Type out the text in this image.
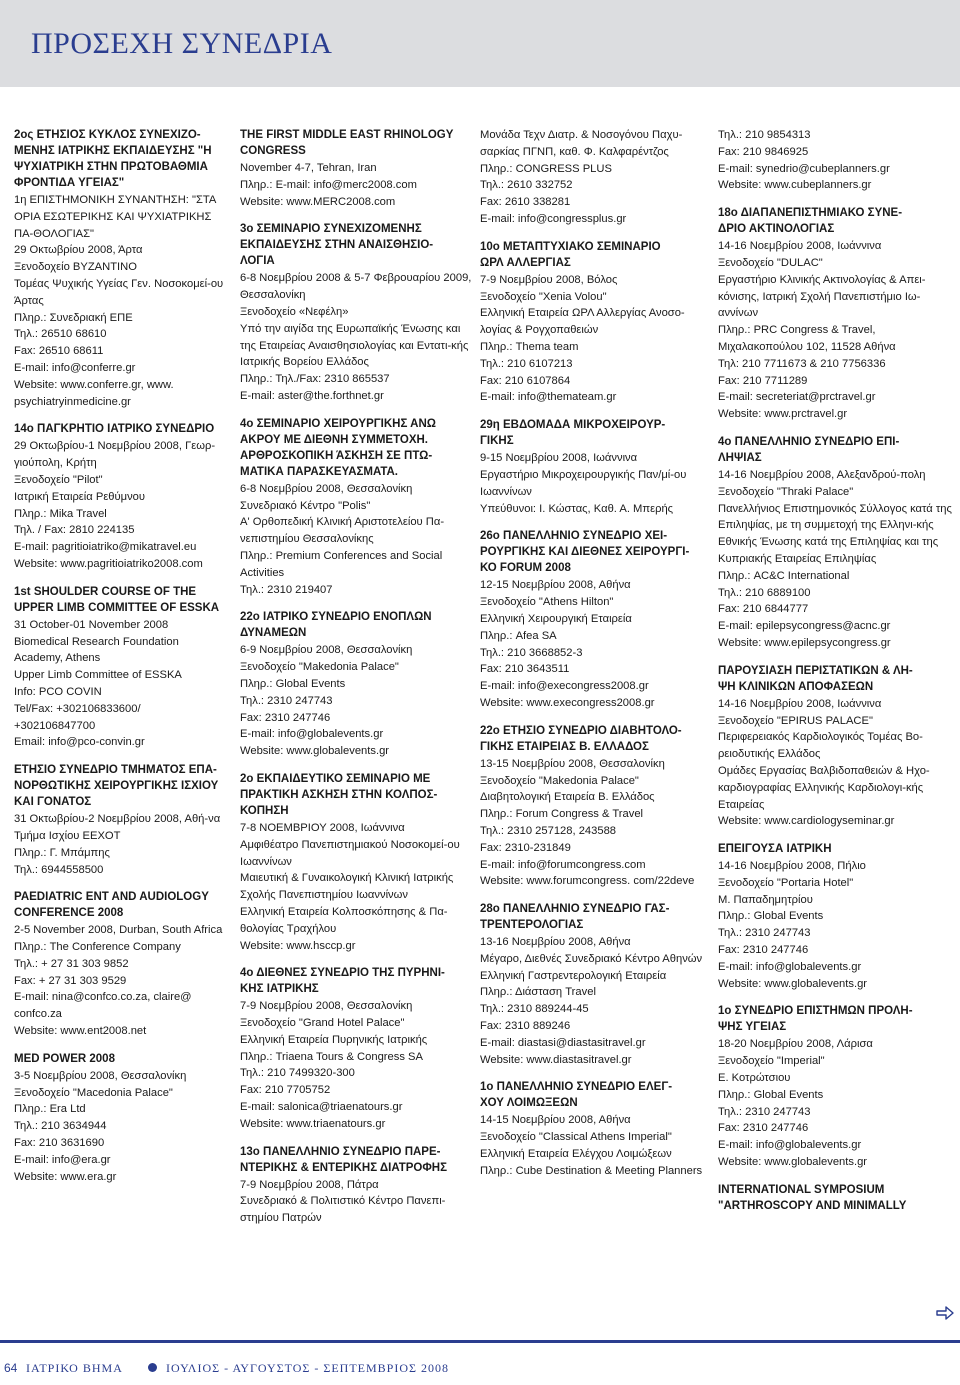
ΠΡΟΣΕΧΗ ΣΥΝΕΔΡΙΑ
2ος ΕΤΗΣΙΟΣ ΚΥΚΛΟΣ ΣΥΝΕΧΙΖΟ-
ΜΕΝΗΣ ΙΑΤΡΙΚΗΣ ΕΚΠΑΙΔΕΥΣΗΣ "Η
ΨΥΧΙΑΤΡΙΚΗ ΣΤΗΝ ΠΡΩΤΟΒΑΘΜΙΑ
ΦΡΟΝΤΙΔΑ ΥΓΕΙΑΣ"
1η ΕΠΙΣΤΗΜΟΝΙΚΗ ΣΥΝΑΝΤΗΣΗ: "ΣΤΑ ΟΡΙΑ ΕΣΩΤΕΡΙΚΗΣ ΚΑΙ ΨΥΧΙΑΤΡΙΚΗΣ ΠΑ-ΘΟΛΟΓΙΑΣ"
29 Οκτωβρίου 2008, Άρτα
Ξενοδοχείο ΒΥΖΑΝΤΙΝΟ
Τομέας Ψυχικής Υγείας Γεν. Νοσοκομεί-ου Άρτας
Πληρ.: Συνεδριακή ΕΠΕ
Τηλ.: 26510 68610
Fax: 26510 68611
E-mail: info@conferre.gr
Website: www.conferre.gr, www.
psychiatryinmedicine.gr
14ο ΠΑΓΚΡΗΤΙΟ ΙΑΤΡΙΚΟ ΣΥΝΕΔΡΙΟ
29 Οκτωβρίου-1 Νοεμβρίου 2008, Γεωρ-γιούπολη, Κρήτη
Ξενοδοχείο "Pilot"
Ιατρική Εταιρεία Ρεθύμνου
Πληρ.: Mika Travel
Τηλ. / Fax: 2810 224135
E-mail: pagritioiatriko@mikatravel.eu
Website: www.pagritioiatriko2008.com
1st SHOULDER COURSE OF THE
UPPER LIMB COMMITTEE OF ESSKA
31 October-01 November 2008
Biomedical Research Foundation Academy, Athens
Upper Limb Committee of ESSKA
Info: PCO COVIN
Tel/Fax: +302106833600/
+302106847700
Email: info@pco-convin.gr
ΕΤΗΣΙΟ ΣΥΝΕΔΡΙΟ ΤΜΗΜΑΤΟΣ ΕΠΑ-
ΝΟΡΘΩΤΙΚΗΣ ΧΕΙΡΟΥΡΓΙΚΗΣ ΙΣΧΙΟΥ
ΚΑΙ ΓΟΝΑΤΟΣ
31 Οκτωβρίου-2 Νοεμβρίου 2008, Αθή-να
Τμήμα Ισχίου ΕΕΧΟΤ
Πληρ.: Γ. Μπάμπης
Τηλ.: 6944558500
PAEDIATRIC ENT AND AUDIOLOGY
CONFERENCE 2008
2-5 November 2008, Durban, South Africa
Πληρ.: The Conference Company
Τηλ.: + 27 31 303 9852
Fax: + 27 31 303 9529
E-mail: nina@confco.co.za, claire@ confco.za
Website: www.ent2008.net
MED POWER 2008
3-5 Νοεμβρίου 2008, Θεσσαλονίκη
Ξενοδοχείο "Macedonia Palace"
Πληρ.: Era Ltd
Τηλ.: 210 3634944
Fax: 210 3631690
E-mail: info@era.gr
Website: www.era.gr
THE FIRST MIDDLE EAST RHINOLOGY
CONGRESS
November 4-7, Tehran, Iran
Πληρ.: E-mail: info@merc2008.com
Website: www.MERC2008.com
3ο ΣΕΜΙΝΑΡΙΟ ΣΥΝΕΧΙΖΟΜΕΝΗΣ
ΕΚΠΑΙΔΕΥΣΗΣ ΣΤΗΝ ΑΝΑΙΣΘΗΣΙΟ-
ΛΟΓΙΑ
6-8 Νοεμβρίου 2008 & 5-7 Φεβρουαρίου 2009, Θεσσαλονίκη
Ξενοδοχείο «Νεφέλη»
Υπό την αιγίδα της Ευρωπαϊκής Ένωσης και της Εταιρείας Αναισθησιολογίας και Εντατι-κής Ιατρικής Βορείου Ελλάδος
Πληρ.: Τηλ./Fax: 2310 865537
E-mail: aster@the.forthnet.gr
4ο ΣΕΜΙΝΑΡΙΟ ΧΕΙΡΟΥΡΓΙΚΗΣ ΑΝΩ
ΑΚΡΟΥ ΜΕ ΔΙΕΘΝΗ ΣΥΜΜΕΤΟΧΗ.
ΑΡΘΡΟΣΚΟΠΙΚΗ ΆΣΚΗΣΗ ΣΕ ΠΤΩ-
ΜΑΤΙΚΑ ΠΑΡΑΣΚΕΥΑΣΜΑΤΑ.
6-8 Νοεμβρίου 2008, Θεσσαλονίκη
Συνεδριακό Κέντρο "Polis"
Α' Ορθοπεδική Κλινική Αριστοτελείου Πα-νεπιστημίου Θεσσαλονίκης
Πληρ.: Premium Conferences and Social Activities
Τηλ.: 2310 219407
22ο ΙΑΤΡΙΚΟ ΣΥΝΕΔΡΙΟ ΕΝΟΠΛΩΝ
ΔΥΝΑΜΕΩΝ
6-9 Νοεμβρίου 2008, Θεσσαλονίκη
Ξενοδοχείο "Makedonia Palace"
Πληρ.: Global Events
Τηλ.: 2310 247743
Fax: 2310 247746
E-mail: info@globalevents.gr
Website: www.globalevents.gr
2ο ΕΚΠΑΙΔΕΥΤΙΚΟ ΣΕΜΙΝΑΡΙΟ ΜΕ
ΠΡΑΚΤΙΚΗ ΑΣΚΗΣΗ ΣΤΗΝ ΚΟΛΠΟΣ-
ΚΟΠΗΣΗ
7-8 ΝΟΕΜΒΡΙΟΥ 2008, Ιωάννινα
Αμφιθέατρο Πανεπιστημιακού Νοσοκομεί-ου Ιωαννίνων
Μαιευτική & Γυναικολογική Κλινική Ιατρικής Σχολής Πανεπιστημίου Ιωαννίνων
Ελληνική Εταιρεία Κολποσκόπησης & Πα-θολογίας Τραχήλου
Website: www.hsccp.gr
4ο ΔΙΕΘΝΕΣ ΣΥΝΕΔΡΙΟ ΤΗΣ ΠΥΡΗΝΙ-
ΚΗΣ ΙΑΤΡΙΚΗΣ
7-9 Νοεμβρίου 2008, Θεσσαλονίκη
Ξενοδοχείο "Grand Hotel Palace"
Ελληνική Εταιρεία Πυρηνικής Ιατρικής
Πληρ.: Triaena Tours & Congress SA
Τηλ.: 210 7499320-300
Fax: 210 7705752
E-mail: salonica@triaenatours.gr
Website: www.triaenatours.gr
13ο ΠΑΝΕΛΛΗΝΙΟ ΣΥΝΕΔΡΙΟ ΠΑΡΕ-
ΝΤΕΡΙΚΗΣ & ΕΝΤΕΡΙΚΗΣ ΔΙΑΤΡΟΦΗΣ
7-9 Νοεμβρίου 2008, Πάτρα
Συνεδριακό & Πολιτιστικό Κέντρο Πανεπι-στημίου Πατρών
Μονάδα Τεχν Διατρ. & Νοσογόνου Παχυ-σαρκίας ΠΓΝΠ, καθ. Φ. Καλφαρέντζος
Πληρ.: CONGRESS PLUS
Τηλ.: 2610 332752
Fax: 2610 338281
E-mail: info@congressplus.gr
10ο ΜΕΤΑΠΤΥΧΙΑΚΟ ΣΕΜΙΝΑΡΙΟ
ΩΡΛ ΑΛΛΕΡΓΙΑΣ
7-9 Νοεμβρίου 2008, Βόλος
Ξενοδοχείο "Xenia Volou"
Ελληνική Εταιρεία ΩΡΛ Αλλεργίας Ανοσο-λογίας & Ρογχοπαθειών
Πληρ.: Thema team
Τηλ.: 210 6107213
Fax: 210 6107864
E-mail: info@themateam.gr
29η ΕΒΔΟΜΑΔΑ ΜΙΚΡΟΧΕΙΡΟΥΡ-
ΓΙΚΗΣ
9-15 Νοεμβρίου 2008, Ιωάννινα
Εργαστήριο Μικροχειρουργικής Παν/μί-ου Ιωαννίνων
Υπεύθυνοι: Ι. Κώστας, Καθ. Α. Μπερής
26ο ΠΑΝΕΛΛΗΝΙΟ ΣΥΝΕΔΡΙΟ ΧΕΙ-
ΡΟΥΡΓΙΚΗΣ ΚΑΙ ΔΙΕΘΝΕΣ ΧΕΙΡΟΥΡΓΙ-
ΚΟ FORUM 2008
12-15 Νοεμβρίου 2008, Αθήνα
Ξενοδοχείο "Athens Hilton"
Ελληνική Χειρουργική Εταιρεία
Πληρ.: Afea SA
Τηλ.: 210 3668852-3
Fax: 210 3643511
E-mail: info@execongress2008.gr
Website: www.execongress2008.gr
22ο ΕΤΗΣΙΟ ΣΥΝΕΔΡΙΟ ΔΙΑΒΗΤΟΛΟ-
ΓΙΚΗΣ ΕΤΑΙΡΕΙΑΣ Β. ΕΛΛΑΔΟΣ
13-15 Νοεμβρίου 2008, Θεσσαλονίκη
Ξενοδοχείο "Makedonia Palace"
Διαβητολογική Εταιρεία Β. Ελλάδος
Πληρ.: Forum Congress & Travel
Τηλ.: 2310 257128, 243588
Fax: 2310-231849
E-mail: info@forumcongress.com
Website: www.forumcongress. com/22deve
28ο ΠΑΝΕΛΛΗΝΙΟ ΣΥΝΕΔΡΙΟ ΓΑΣ-
ΤΡΕΝΤΕΡΟΛΟΓΙΑΣ
13-16 Νοεμβρίου 2008, Αθήνα
Μέγαρο, Διεθνές Συνεδριακό Κέντρο Αθηνών
Ελληνική Γαστρεντερολογική Εταιρεία
Πληρ.: Διάσταση Travel
Τηλ.: 2310 889244-45
Fax: 2310 889246
E-mail: diastasi@diastasitravel.gr
Website: www.diastasitravel.gr
1ο ΠΑΝΕΛΛΗΝΙΟ ΣΥΝΕΔΡΙΟ ΕΛΕΓ-
ΧΟΥ ΛΟΙΜΩΞΕΩΝ
14-15 Νοεμβρίου 2008, Αθήνα
Ξενοδοχείο "Classical Athens Imperial"
Ελληνική Εταιρεία Ελέγχου Λοιμώξεων
Πληρ.: Cube Destination & Meeting Planners
Τηλ.: 210 9854313
Fax: 210 9846925
E-mail: synedrio@cubeplanners.gr
Website: www.cubeplanners.gr
18ο ΔΙΑΠΑΝΕΠΙΣΤΗΜΙΑΚΟ ΣΥΝΕ-
ΔΡΙΟ ΑΚΤΙΝΟΛΟΓΙΑΣ
14-16 Νοεμβρίου 2008, Ιωάννινα
Ξενοδοχείο "DULAC"
Εργαστήριο Κλινικής Ακτινολογίας & Απει-κόνισης, Ιατρική Σχολή Πανεπιστήμιο Ιω-αννίνων
Πληρ.: PRC Congress & Travel, Μιχαλακοπούλου 102, 11528 Αθήνα
Τηλ: 210 7711673 & 210 7756336
Fax: 210 7711289
E-mail: secreteriat@prctravel.gr
Website: www.prctravel.gr
4ο ΠΑΝΕΛΛΗΝΙΟ ΣΥΝΕΔΡΙΟ ΕΠΙ-
ΛΗΨΙΑΣ
14-16 Νοεμβρίου 2008, Αλεξανδρού-πολη
Ξενοδοχείο "Thraki Palace"
Πανελλήνιος Επιστημονικός Σύλλογος κατά της Επιληψίας, με τη συμμετοχή της Ελληνι-κής Εθνικής Ένωσης κατά της Επιληψίας και της Κυπριακής Εταιρείας Επιληψίας
Πληρ.: AC&C International
Τηλ.: 210 6889100
Fax: 210 6844777
E-mail: epilepsycongress@acnc.gr
Website: www.epilepsycongress.gr
ΠΑΡΟΥΣΙΑΣΗ ΠΕΡΙΣΤΑΤΙΚΩΝ & ΛΗ-
ΨΗ ΚΛΙΝΙΚΩΝ ΑΠΟΦΑΣΕΩΝ
14-16 Νοεμβρίου 2008, Ιωάννινα
Ξενοδοχείο "EPIRUS PALACE"
Περιφερειακός Καρδιολογικός Τομέας Βο-ρειοδυτικής Ελλάδος
Ομάδες Εργασίας Βαλβιδοπαθειών & Ηχο-καρδιογραφίας Ελληνικής Καρδιολογι-κής Εταιρείας
Website: www.cardiologyseminar.gr
ΕΠΕΙΓΟΥΣΑ ΙΑΤΡΙΚΗ
14-16 Νοεμβρίου 2008, Πήλιο
Ξενοδοχείο "Portaria Hotel"
Μ. Παπαδημητρίου
Πληρ.: Global Events
Τηλ.: 2310 247743
Fax: 2310 247746
E-mail: info@globalevents.gr
Website: www.globalevents.gr
1ο ΣΥΝΕΔΡΙΟ ΕΠΙΣΤΗΜΩΝ ΠΡΟΛΗ-
ΨΗΣ ΥΓΕΙΑΣ
18-20 Νοεμβρίου 2008, Λάρισα
Ξενοδοχείο "Imperial"
Ε. Κοτρώτσιου
Πληρ.: Global Events
Τηλ.: 2310 247743
Fax: 2310 247746
E-mail: info@globalevents.gr
Website: www.globalevents.gr
INTERNATIONAL SYMPOSIUM
"ARTHROSCOPY AND MINIMALLY
64 ΙΑΤΡΙΚΟ ΒΗΜΑ	ΙΟΥΛΙΟΣ - ΑΥΓΟΥΣΤΟΣ - ΣΕΠΤΕΜΒΡΙΟΣ 2008
